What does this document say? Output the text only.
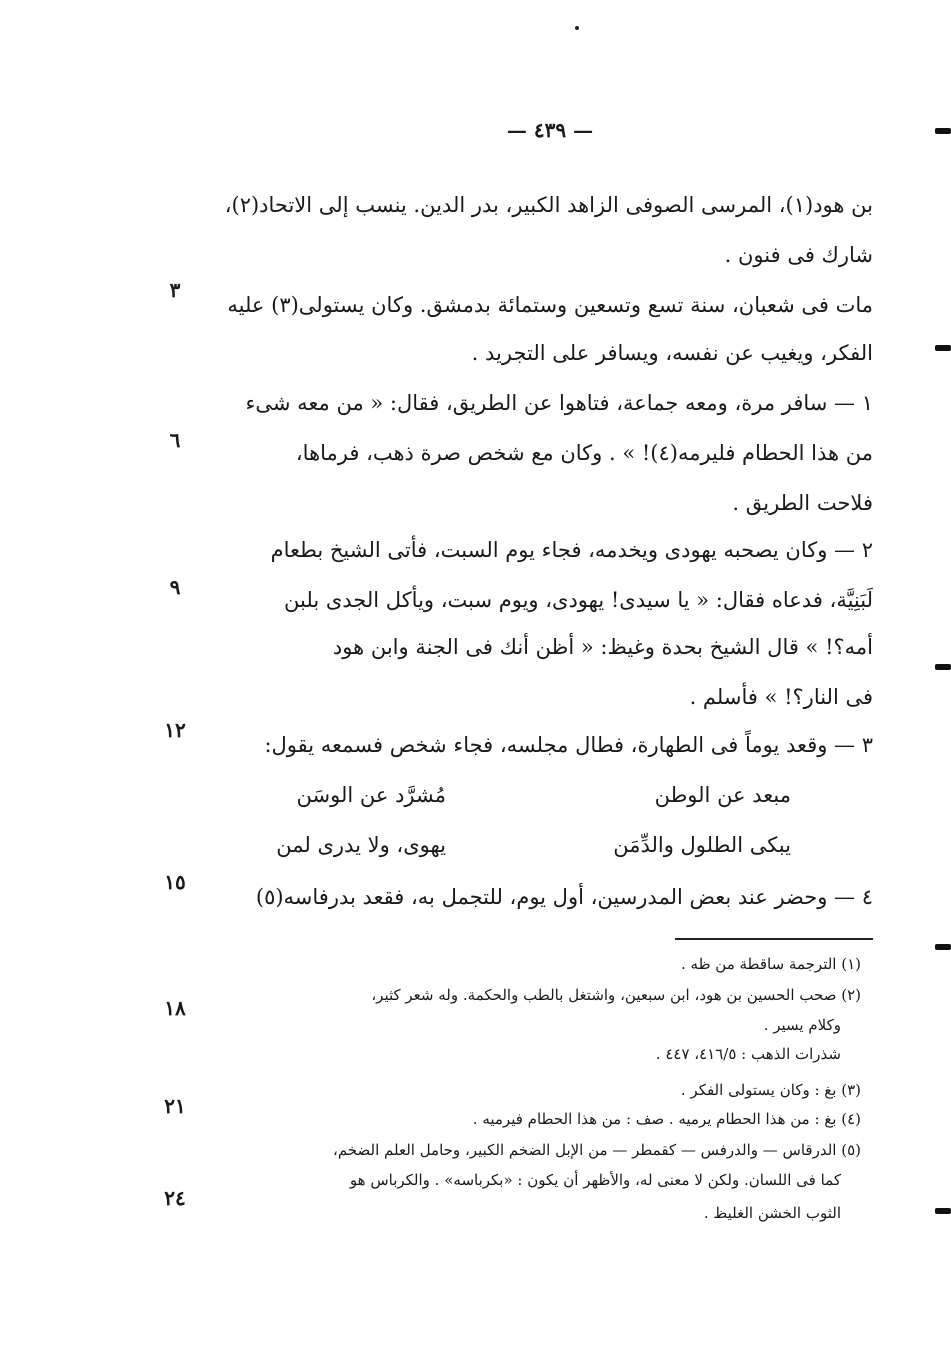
— ٤٣٩ —
بن هود(١)، المرسى الصوفى الزاهد الكبير، بدر الدين. ينسب إلى الاتحاد(٢)،
شارك فى فنون .
مات فى شعبان، سنة تسع وتسعين وستمائة بدمشق. وكان يستولى(٣) عليه
الفكر، ويغيب عن نفسه، ويسافر على التجريد .
١ — سافر مرة، ومعه جماعة، فتاهوا عن الطريق، فقال: « من معه شىء
من هذا الحطام فليرمه(٤)! » . وكان مع شخص صرة ذهب، فرماها،
فلاحت الطريق .
٢ — وكان يصحبه يهودى ويخدمه، فجاء يوم السبت، فأتى الشيخ بطعام
لَبَنِيَّة، فدعاه فقال: « يا سيدى! يهودى، ويوم سبت، ويأكل الجدى بلبن
أمه؟! » قال الشيخ بحدة وغيظ: « أظن أنك فى الجنة وابن هود
فى النار؟! » فأسلم .
٣ — وقعد يوماً فى الطهارة، فطال مجلسه، فجاء شخص فسمعه يقول:
مبعد عن الوطن
مُشرَّد عن الوسَن
يبكى الطلول والدِّمَن
يهوى، ولا يدرى لمن
٤ — وحضر عند بعض المدرسين، أول يوم، للتجمل به، فقعد بدرفاسه(٥)
٣
٦
٩
١٢
١٥
١٨
٢١
٢٤
(١) الترجمة ساقطة من ظه .
(٢) صحب الحسين بن هود، ابن سبعين، واشتغل بالطب والحكمة. وله شعر كثير،
وكلام يسير .
شذرات الذهب : ٤١٦/٥، ٤٤٧ .
(٣) بغ : وكان يستولى الفكر .
(٤) بغ : من هذا الحطام يرميه . صف : من هذا الحطام فيرميه .
(٥) الدرقاس — والدرفس — كقمطر — من الإبل الضخم الكبير، وحامل العلم الضخم،
كما فى اللسان. ولكن لا معنى له، والأظهر أن يكون : «بكرباسه» . والكرباس هو
الثوب الخشن الغليظ .
